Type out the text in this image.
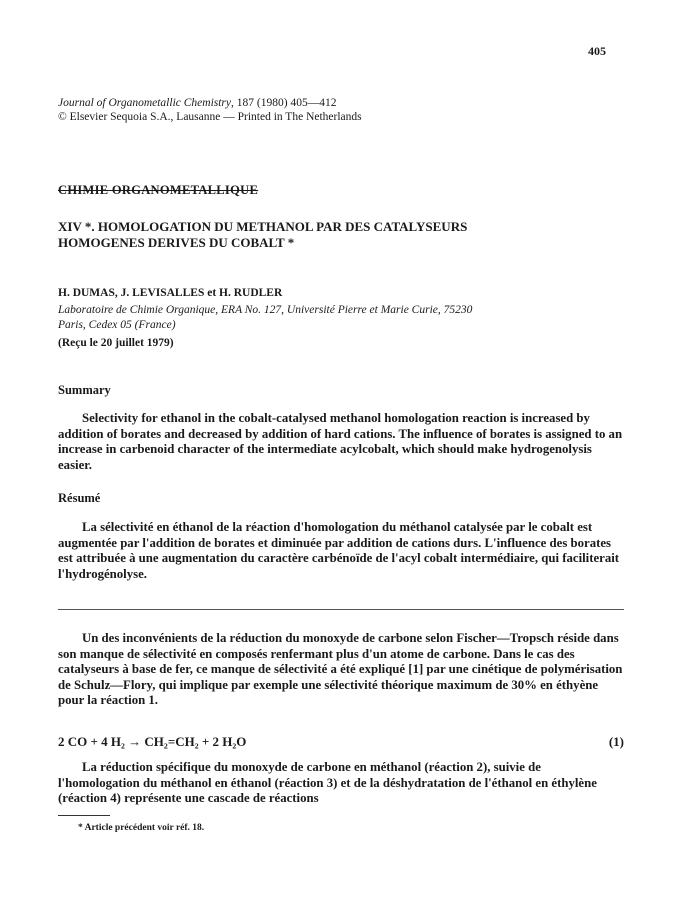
405
Journal of Organometallic Chemistry, 187 (1980) 405—412
© Elsevier Sequoia S.A., Lausanne — Printed in The Netherlands
CHIMIE ORGANOMETALLIQUE
XIV *. HOMOLOGATION DU METHANOL PAR DES CATALYSEURS
HOMOGENES DERIVES DU COBALT *
H. DUMAS, J. LEVISALLES et H. RUDLER
Laboratoire de Chimie Organique, ERA No. 127, Université Pierre et Marie Curie, 75230
Paris, Cedex 05 (France)
(Reçu le 20 juillet 1979)
Summary
Selectivity for ethanol in the cobalt-catalysed methanol homologation reaction is increased by addition of borates and decreased by addition of hard cations. The influence of borates is assigned to an increase in carbenoid character of the intermediate acylcobalt, which should make hydrogenolysis easier.
Résumé
La sélectivité en éthanol de la réaction d'homologation du méthanol catalysée par le cobalt est augmentée par l'addition de borates et diminuée par addition de cations durs. L'influence des borates est attribuée à une augmentation du caractère carbénoïde de l'acyl cobalt intermédiaire, qui faciliterait l'hydrogénolyse.
Un des inconvénients de la réduction du monoxyde de carbone selon Fischer—Tropsch réside dans son manque de sélectivité en composés renfermant plus d'un atome de carbone. Dans le cas des catalyseurs à base de fer, ce manque de sélectivité a été expliqué [1] par une cinétique de polymérisation de Schulz—Flory, qui implique par exemple une sélectivité théorique maximum de 30% en éthyène pour la réaction 1.
2 CO + 4 H₂ → CH₂=CH₂ + 2 H₂O	(1)
La réduction spécifique du monoxyde de carbone en méthanol (réaction 2), suivie de l'homologation du méthanol en éthanol (réaction 3) et de la déshydratation de l'éthanol en éthylène (réaction 4) représente une cascade de réactions
* Article précédent voir réf. 18.
